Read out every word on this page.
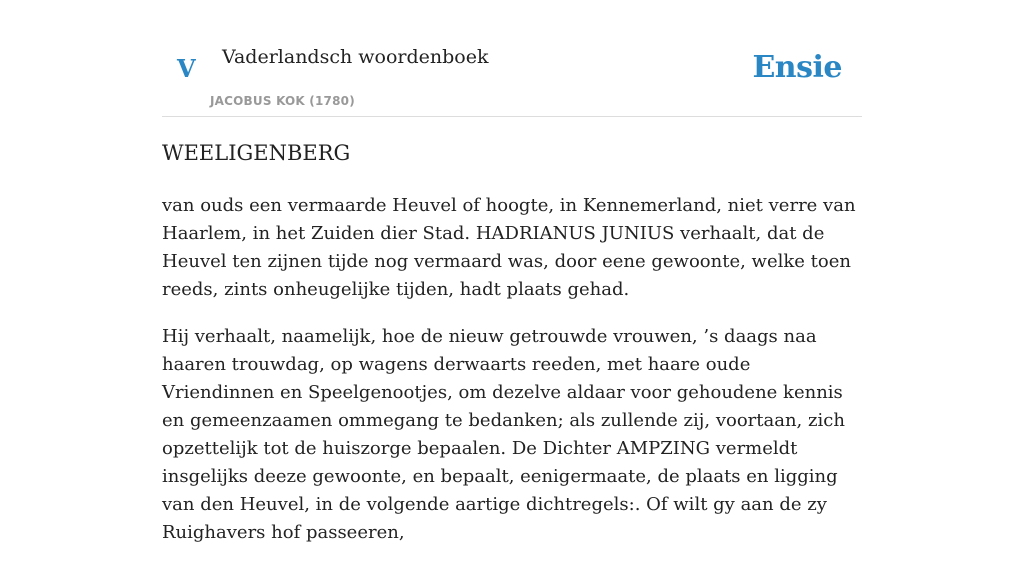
V Vaderlandsch woordenboek
JACOBUS KOK (1780)
Ensie
WEELIGENBERG

van ouds een vermaarde Heuvel of hoogte, in Kennemerland, niet verre van Haarlem, in het Zuiden dier Stad. HADRIANUS JUNIUS verhaalt, dat de Heuvel ten zijnen tijde nog vermaard was, door eene gewoonte, welke toen reeds, zints onheugelijke tijden, hadt plaats gehad.

Hij verhaalt, naamelijk, hoe de nieuw getrouwde vrouwen, ’s daags naa haaren trouwdag, op wagens derwaarts reeden, met haare oude Vriendinnen en Speelgenootjes, om dezelve aldaar voor gehoudene kennis en gemeenzaamen ommegang te bedanken; als zullende zij, voortaan, zich opzettelijk tot de huiszorge bepaalen. De Dichter AMPZING vermeldt insgelijks deeze gewoonte, en bepaalt, eenigermaate, de plaats en ligging van den Heuvel, in de volgende aartige dichtregels:. Of wilt gy aan de zy Ruighavers hof passeeren,
